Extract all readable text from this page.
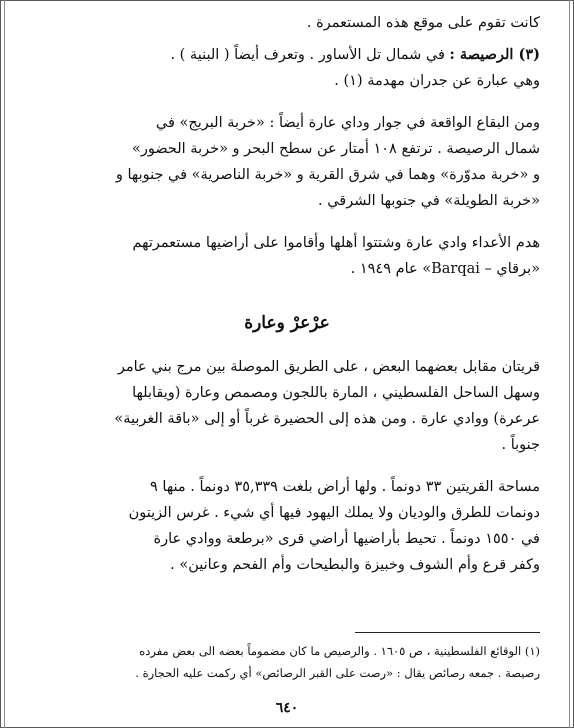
كانت تقوم على موقع هذه المستعمرة .
(٣) الرصيصة : في شمال تل الأساور . وتعرف أيضاً ( البنية ) .
وهي عبارة عن جدران مهدمة (١) .
ومن البقاع الواقعة في جوار وداي عارة أيضاً : «خربة البريج» في
شمال الرصيصة . ترتفع ١٠٨ أمتار عن سطح البحر و «خربة الحضور»
و «خربة مدوّرة» وهما في شرق القرية و «خربة الناصرية» في جنوبها و
«خربة الطويلة» في جنوبها الشرقي .
هدم الأعداء وادي عارة وشتتوا أهلها وأقاموا على أراضيها مستعمرتهم
«برقاي – Barqai» عام ١٩٤٩ .
عرْعرْ وعارة
قريتان مقابل بعضهما البعض ، على الطريق الموصلة بين مرج بني عامر
وسهل الساحل الفلسطيني ، المارة باللجون ومصمص وعارة (ويقابلها
عرعرة) ووادي عارة . ومن هذه إلى الحضيرة غرباً أو إلى «باقة الغربية»
جنوباً .
مساحة القريتين ٣٣ دونماً . ولها أراض بلغت ٣٥,٣٣٩ دونماً . منها ٩
دونمات للطرق والوديان ولا يملك اليهود فيها أي شيء . غرس الزيتون
في ١٥٥٠ دونماً . تحيط بأراضيها أراضي قرى «برطعة ووادي عارة
وكفر قرع وأم الشوف وخبيزة والبطيحات وأم الفحم وعانين» .
(١) الوقائع الفلسطينية ، ص ١٦٠٥ . والرصيص ما كان مضموماً بعضه الى بعض مفرده
رصيصة . جمعه رصائص يقال : «رصت على القبر الرصائص» أي ركمت عليه الحجارة .
٦٤٠
